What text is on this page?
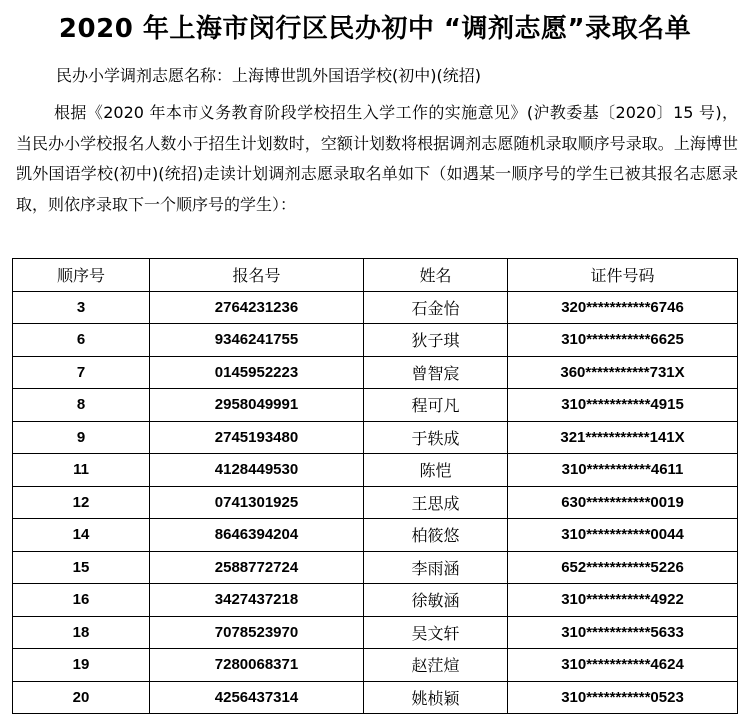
2020 年上海市闵行区民办初中 “调剂志愿”录取名单
民办小学调剂志愿名称：上海博世凯外国语学校(初中)(统招)
根据《2020 年本市义务教育阶段学校招生入学工作的实施意见》(沪教委基〔2020〕15 号)，当民办小学校报名人数小于招生计划数时，空额计划数将根据调剂志愿随机录取顺序号录取。上海博世凯外国语学校(初中)(统招)走读计划调剂志愿录取名单如下（如遇某一顺序号的学生已被其报名志愿录取，则依序录取下一个顺序号的学生）：
顺序号	报名号	姓名	证件号码
3	2764231236	石金怡	320***********6746
6	9346241755	狄子琪	310***********6625
7	0145952223	曾智宸	360***********731X
8	2958049991	程可凡	310***********4915
9	2745193480	于轶成	321***********141X
11	4128449530	陈恺	310***********4611
12	0741301925	王思成	630***********0019
14	8646394204	柏筱悠	310***********0044
15	2588772724	李雨涵	652***********5226
16	3427437218	徐敏涵	310***********4922
18	7078523970	吴文轩	310***********5633
19	7280068371	赵茳煊	310***********4624
20	4256437314	姚桢颖	310***********0523
